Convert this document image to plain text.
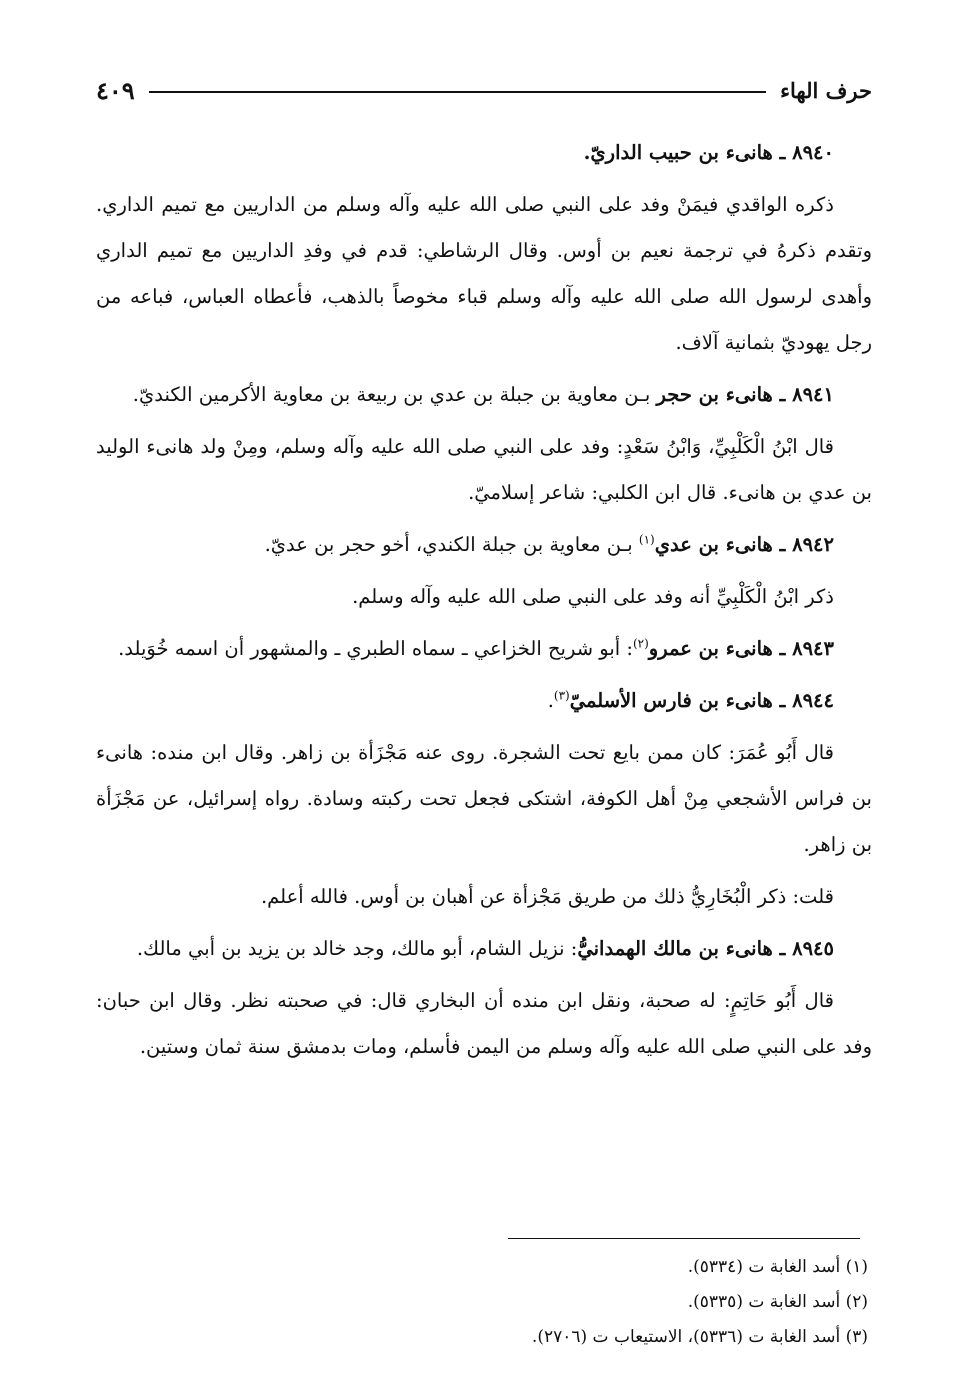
حرف الهاء
٤٠٩

٨٩٤٠ ـ هانىء بن حبيب الداريّ.

ذكره الواقدي فيمَنْ وفد على النبي صلى الله عليه وآله وسلم من الداريين مع تميم الداري. وتقدم ذكرهُ في ترجمة نعيم بن أوس. وقال الرشاطي: قدم في وفدِ الداريين مع تميم الداري وأهدى لرسول الله صلى الله عليه وآله وسلم قباء مخوصاً بالذهب، فأعطاه العباس، فباعه من رجل يهوديّ بثمانية آلاف.

٨٩٤١ ـ هانىء بن حجر بـن معاوية بن جبلة بن عدي بن ربيعة بن معاوية الأكرمين الكنديّ.

قال ابْنُ الْكَلْبِيِّ، وَابْنُ سَعْدٍ: وفد على النبي صلى الله عليه وآله وسلم، ومِنْ ولد هانىء الوليد بن عدي بن هانىء. قال ابن الكلبي: شاعر إسلاميّ.

٨٩٤٢ ـ هانىء بن عدي$^{(١)}$ بـن معاوية بن جبلة الكندي، أخو حجر بن عديّ.

ذكر ابْنُ الْكَلْبِيِّ أنه وفد على النبي صلى الله عليه وآله وسلم.

٨٩٤٣ ـ هانىء بن عمرو$^{(٢)}$: أبو شريح الخزاعي ـ سماه الطبري ـ والمشهور أن اسمه خُوَيلد.

٨٩٤٤ ـ هانىء بن فارس الأسلميّ$^{(٣)}$.

قال أَبُو عُمَرَ: كان ممن بايع تحت الشجرة. روى عنه مَجْزَأة بن زاهر. وقال ابن منده: هانىء بن فراس الأشجعي مِنْ أهل الكوفة، اشتكى فجعل تحت ركبته وسادة. رواه إسرائيل، عن مَجْزَأة بن زاهر.

قلت: ذكر الْبُخَارِيُّ ذلك من طريق مَجْزأة عن أهبان بن أوس. فالله أعلم.

٨٩٤٥ ـ هانىء بن مالك الهمدانيُّ: نزيل الشام، أبو مالك، وجد خالد بن يزيد بن أبي مالك.

قال أَبُو حَاتِمٍ: له صحبة، ونقل ابن منده أن البخاري قال: في صحبته نظر. وقال ابن حبان: وفد على النبي صلى الله عليه وآله وسلم من اليمن فأسلم، ومات بدمشق سنة ثمان وستين.

(١) أسد الغابة ت (٥٣٣٤).
(٢) أسد الغابة ت (٥٣٣٥).
(٣) أسد الغابة ت (٥٣٣٦)، الاستيعاب ت (٢٧٠٦).
